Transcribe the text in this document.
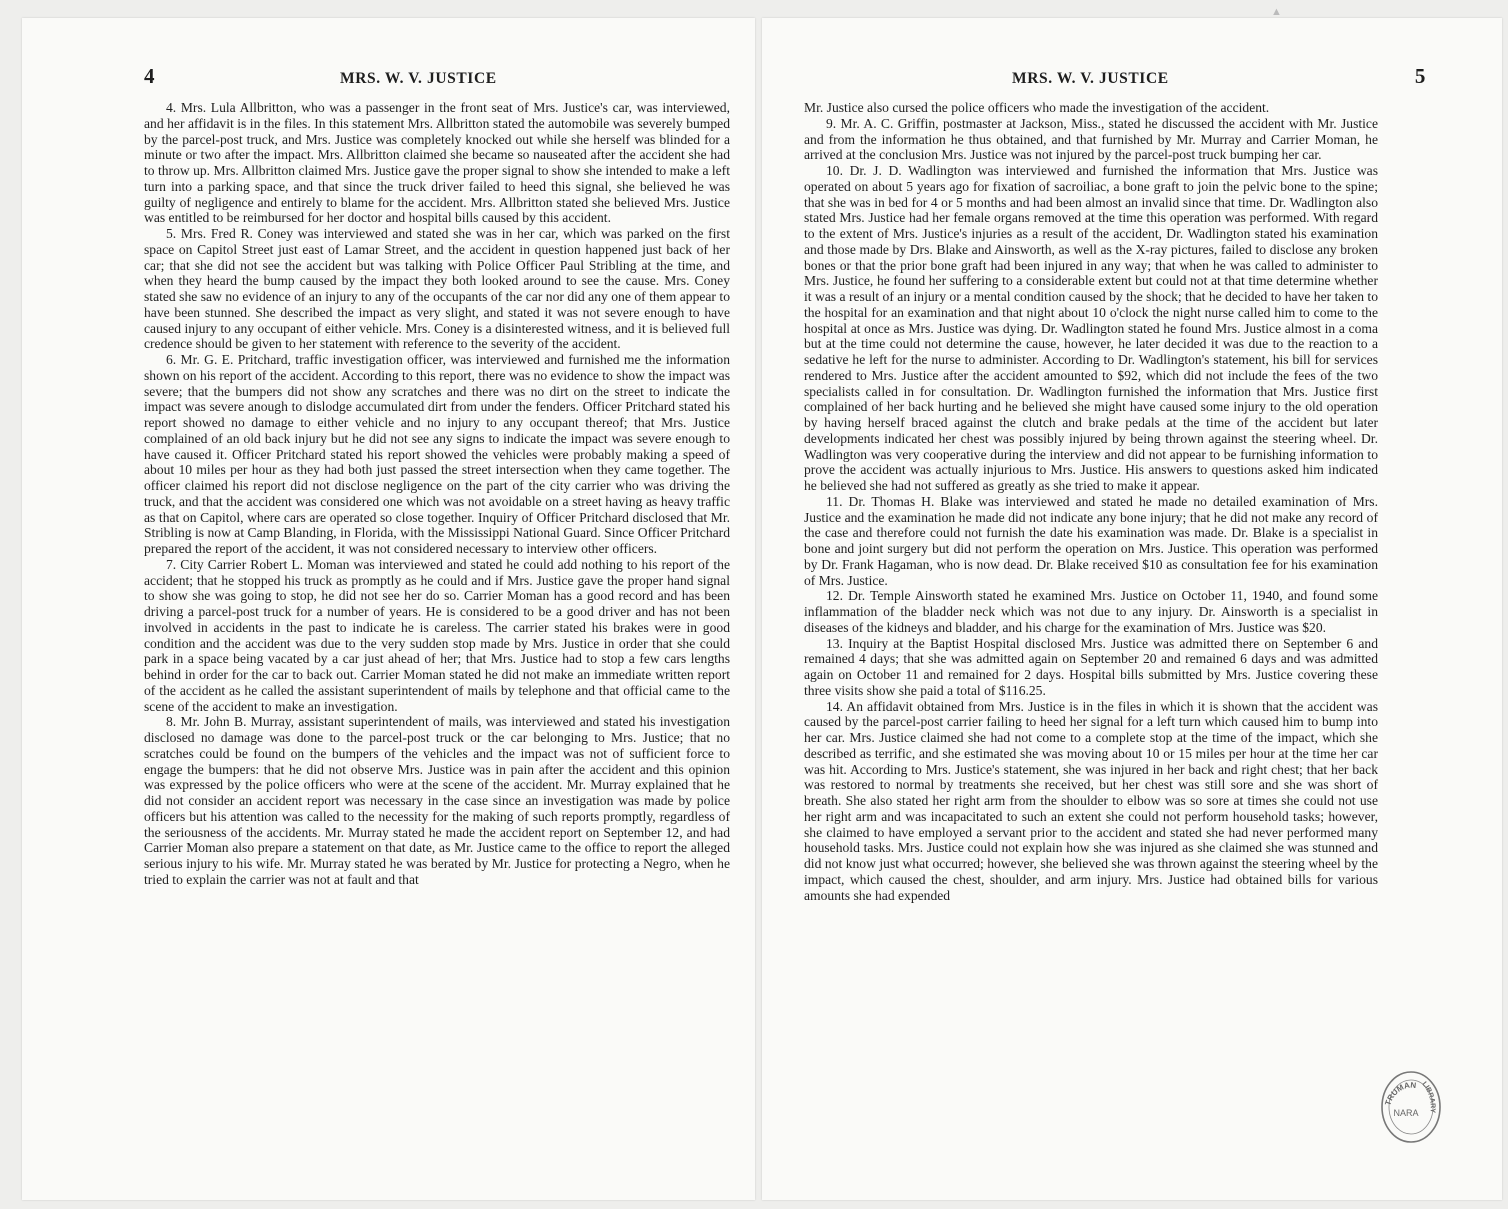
▲
4	MRS. W. V. JUSTICE

4. Mrs. Lula Allbritton, who was a passenger in the front seat of Mrs. Justice's car, was interviewed, and her affidavit is in the files. In this statement Mrs. Allbritton stated the automobile was severely bumped by the parcel-post truck, and Mrs. Justice was completely knocked out while she herself was blinded for a minute or two after the impact. Mrs. Allbritton claimed she became so nauseated after the accident she had to throw up. Mrs. Allbritton claimed Mrs. Justice gave the proper signal to show she intended to make a left turn into a parking space, and that since the truck driver failed to heed this signal, she believed he was guilty of negligence and entirely to blame for the accident. Mrs. Allbritton stated she believed Mrs. Justice was entitled to be reimbursed for her doctor and hospital bills caused by this accident.

5. Mrs. Fred R. Coney was interviewed and stated she was in her car, which was parked on the first space on Capitol Street just east of Lamar Street, and the accident in question happened just back of her car; that she did not see the accident but was talking with Police Officer Paul Stribling at the time, and when they heard the bump caused by the impact they both looked around to see the cause. Mrs. Coney stated she saw no evidence of an injury to any of the occupants of the car nor did any one of them appear to have been stunned. She described the impact as very slight, and stated it was not severe enough to have caused injury to any occupant of either vehicle. Mrs. Coney is a disinterested witness, and it is believed full credence should be given to her statement with reference to the severity of the accident.

6. Mr. G. E. Pritchard, traffic investigation officer, was interviewed and furnished me the information shown on his report of the accident. According to this report, there was no evidence to show the impact was severe; that the bumpers did not show any scratches and there was no dirt on the street to indicate the impact was severe anough to dislodge accumulated dirt from under the fenders. Officer Pritchard stated his report showed no damage to either vehicle and no injury to any occupant thereof; that Mrs. Justice complained of an old back injury but he did not see any signs to indicate the impact was severe enough to have caused it. Officer Pritchard stated his report showed the vehicles were probably making a speed of about 10 miles per hour as they had both just passed the street intersection when they came together. The officer claimed his report did not disclose negligence on the part of the city carrier who was driving the truck, and that the accident was considered one which was not avoidable on a street having as heavy traffic as that on Capitol, where cars are operated so close together. Inquiry of Officer Pritchard disclosed that Mr. Stribling is now at Camp Blanding, in Florida, with the Mississippi National Guard. Since Officer Pritchard prepared the report of the accident, it was not considered necessary to interview other officers.

7. City Carrier Robert L. Moman was interviewed and stated he could add nothing to his report of the accident; that he stopped his truck as promptly as he could and if Mrs. Justice gave the proper hand signal to show she was going to stop, he did not see her do so. Carrier Moman has a good record and has been driving a parcel-post truck for a number of years. He is considered to be a good driver and has not been involved in accidents in the past to indicate he is careless. The carrier stated his brakes were in good condition and the accident was due to the very sudden stop made by Mrs. Justice in order that she could park in a space being vacated by a car just ahead of her; that Mrs. Justice had to stop a few cars lengths behind in order for the car to back out. Carrier Moman stated he did not make an immediate written report of the accident as he called the assistant superintendent of mails by telephone and that official came to the scene of the accident to make an investigation.

8. Mr. John B. Murray, assistant superintendent of mails, was interviewed and stated his investigation disclosed no damage was done to the parcel-post truck or the car belonging to Mrs. Justice; that no scratches could be found on the bumpers of the vehicles and the impact was not of sufficient force to engage the bumpers: that he did not observe Mrs. Justice was in pain after the accident and this opinion was expressed by the police officers who were at the scene of the accident. Mr. Murray explained that he did not consider an accident report was necessary in the case since an investigation was made by police officers but his attention was called to the necessity for the making of such reports promptly, regardless of the seriousness of the accidents. Mr. Murray stated he made the accident report on September 12, and had Carrier Moman also prepare a statement on that date, as Mr. Justice came to the office to report the alleged serious injury to his wife. Mr. Murray stated he was berated by Mr. Justice for protecting a Negro, when he tried to explain the carrier was not at fault and that

MRS. W. V. JUSTICE	5

Mr. Justice also cursed the police officers who made the investigation of the accident.

9. Mr. A. C. Griffin, postmaster at Jackson, Miss., stated he discussed the accident with Mr. Justice and from the information he thus obtained, and that furnished by Mr. Murray and Carrier Moman, he arrived at the conclusion Mrs. Justice was not injured by the parcel-post truck bumping her car.

10. Dr. J. D. Wadlington was interviewed and furnished the information that Mrs. Justice was operated on about 5 years ago for fixation of sacroiliac, a bone graft to join the pelvic bone to the spine; that she was in bed for 4 or 5 months and had been almost an invalid since that time. Dr. Wadlington also stated Mrs. Justice had her female organs removed at the time this operation was performed. With regard to the extent of Mrs. Justice's injuries as a result of the accident, Dr. Wadlington stated his examination and those made by Drs. Blake and Ainsworth, as well as the X-ray pictures, failed to disclose any broken bones or that the prior bone graft had been injured in any way; that when he was called to administer to Mrs. Justice, he found her suffering to a considerable extent but could not at that time determine whether it was a result of an injury or a mental condition caused by the shock; that he decided to have her taken to the hospital for an examination and that night about 10 o'clock the night nurse called him to come to the hospital at once as Mrs. Justice was dying. Dr. Wadlington stated he found Mrs. Justice almost in a coma but at the time could not determine the cause, however, he later decided it was due to the reaction to a sedative he left for the nurse to administer. According to Dr. Wadlington's statement, his bill for services rendered to Mrs. Justice after the accident amounted to $92, which did not include the fees of the two specialists called in for consultation. Dr. Wadlington furnished the information that Mrs. Justice first complained of her back hurting and he believed she might have caused some injury to the old operation by having herself braced against the clutch and brake pedals at the time of the accident but later developments indicated her chest was possibly injured by being thrown against the steering wheel. Dr. Wadlington was very cooperative during the interview and did not appear to be furnishing information to prove the accident was actually injurious to Mrs. Justice. His answers to questions asked him indicated he believed she had not suffered as greatly as she tried to make it appear.

11. Dr. Thomas H. Blake was interviewed and stated he made no detailed examination of Mrs. Justice and the examination he made did not indicate any bone injury; that he did not make any record of the case and therefore could not furnish the date his examination was made. Dr. Blake is a specialist in bone and joint surgery but did not perform the operation on Mrs. Justice. This operation was performed by Dr. Frank Hagaman, who is now dead. Dr. Blake received $10 as consultation fee for his examination of Mrs. Justice.

12. Dr. Temple Ainsworth stated he examined Mrs. Justice on October 11, 1940, and found some inflammation of the bladder neck which was not due to any injury. Dr. Ainsworth is a specialist in diseases of the kidneys and bladder, and his charge for the examination of Mrs. Justice was $20.

13. Inquiry at the Baptist Hospital disclosed Mrs. Justice was admitted there on September 6 and remained 4 days; that she was admitted again on September 20 and remained 6 days and was admitted again on October 11 and remained for 2 days. Hospital bills submitted by Mrs. Justice covering these three visits show she paid a total of $116.25.

14. An affidavit obtained from Mrs. Justice is in the files in which it is shown that the accident was caused by the parcel-post carrier failing to heed her signal for a left turn which caused him to bump into her car. Mrs. Justice claimed she had not come to a complete stop at the time of the impact, which she described as terrific, and she estimated she was moving about 10 or 15 miles per hour at the time her car was hit. According to Mrs. Justice's statement, she was injured in her back and right chest; that her back was restored to normal by treatments she received, but her chest was still sore and she was short of breath. She also stated her right arm from the shoulder to elbow was so sore at times she could not use her right arm and was incapacitated to such an extent she could not perform household tasks; however, she claimed to have employed a servant prior to the accident and stated she had never performed many household tasks. Mrs. Justice could not explain how she was injured as she claimed she was stunned and did not know just what occurred; however, she believed she was thrown against the steering wheel by the impact, which caused the chest, shoulder, and arm injury. Mrs. Justice had obtained bills for various amounts she had expended

TRUMAN LIBRARY
NARA
